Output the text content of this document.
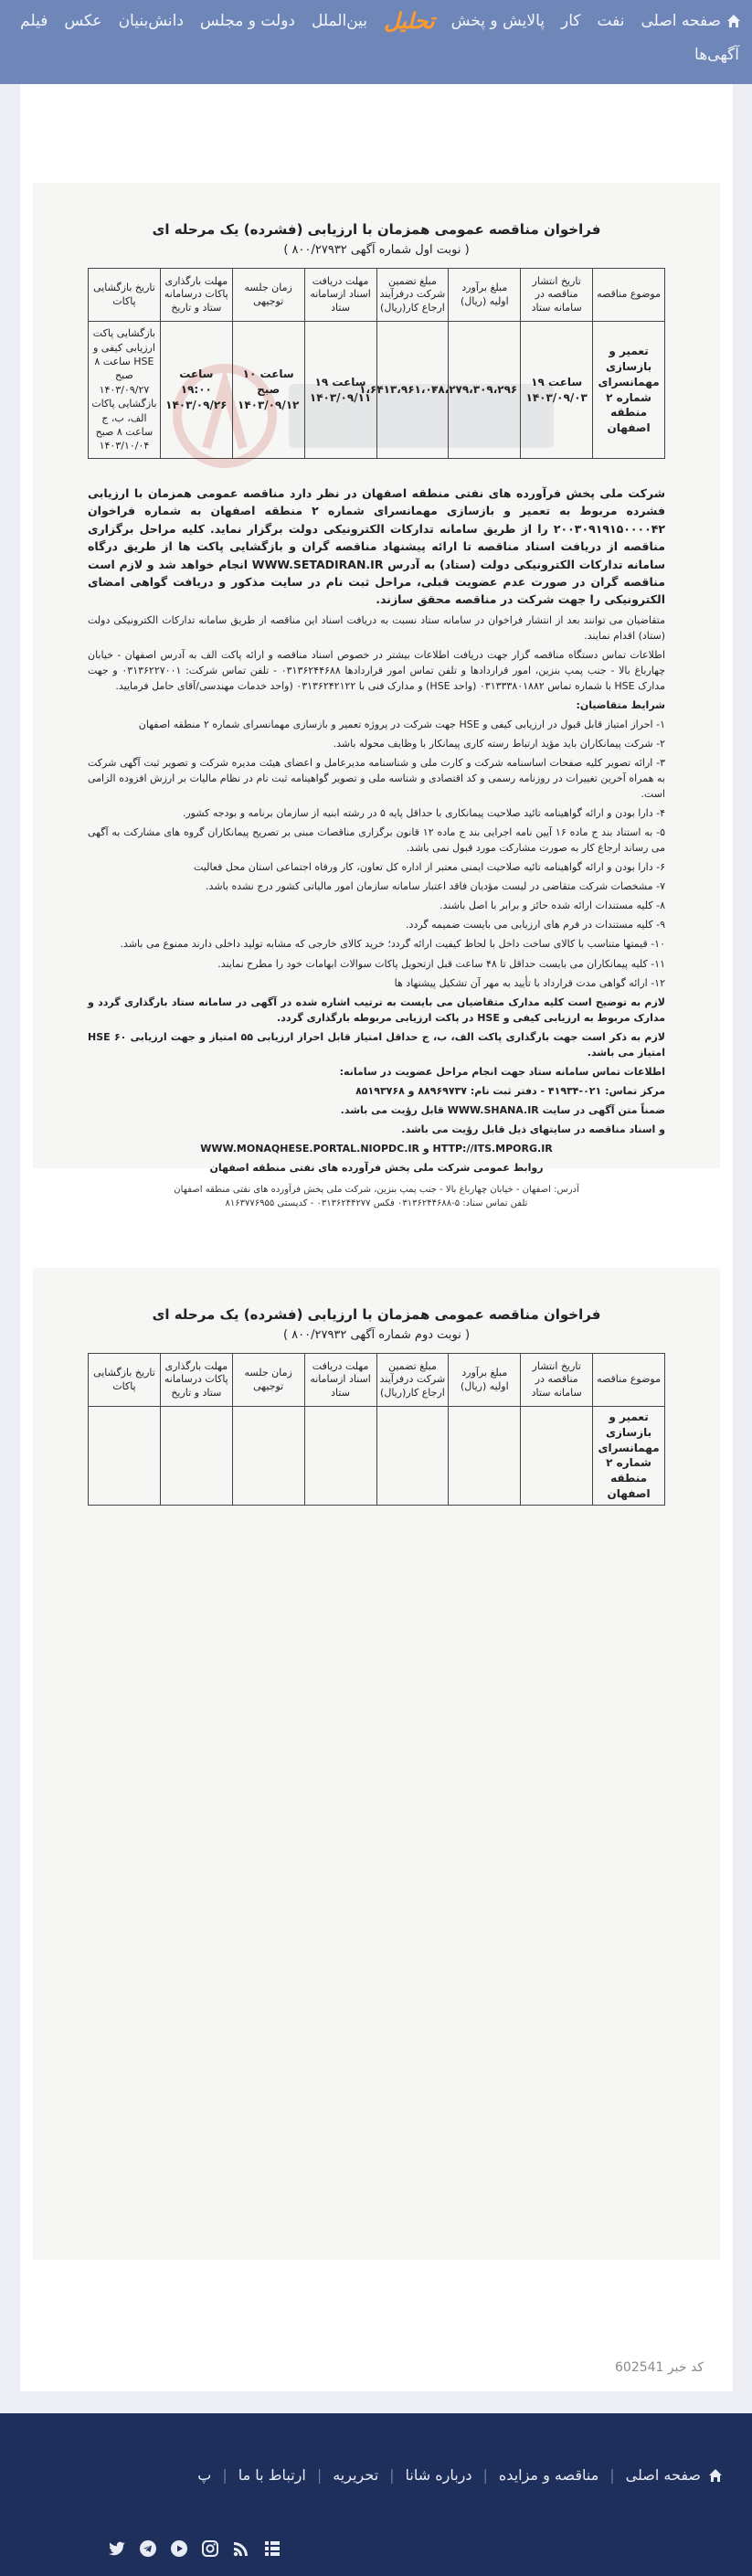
صفحه اصلی
نفت
کار
پالایش و پخش
تحلیل
بین‌الملل
دولت و مجلس
دانش‌بنیان
عکس
فیلم
آگهی‌ها
فراخوان مناقصه عمومی همزمان با ارزیابی (فشرده) یک مرحله ای
( نوبت اول شماره آگهی ۸۰۰/۲۷۹۳۲ )
موضوع مناقصه	تاریخ انتشار مناقصه در سامانه ستاد	مبلغ برآورد اولیه (ریال)	مبلغ تضمین شرکت درفرآیند ارجاع کار(ریال)	مهلت دریافت اسناد ازسامانه ستاد	زمان جلسه توجیهی	مهلت بارگذاری پاکات درسامانه ستاد و تاریخ	تاریخ بازگشایی پاکات
تعمیر و بازسازی مهمانسرای شماره ۲ منطقه اصفهان	ساعت ۱۹ ۱۴۰۳/۰۹/۰۳	۳۸،۲۷۹،۳۰۹،۲۹۶	۱،۶۴۱۳،۹۶۱،۰۰۰	ساعت ۱۹ ۱۴۰۳/۰۹/۱۱	ساعت ۱۰ صبح ۱۴۰۳/۰۹/۱۲	ساعت ۱۹:۰۰ ۱۴۰۳/۰۹/۲۶	بازگشایی پاکت ارزیابی کیفی و HSE ساعت ۸ صبح ۱۴۰۳/۰۹/۲۷ بازگشایی پاکات الف، ب، ج ساعت ۸ صبح ۱۴۰۳/۱۰/۰۴

شرکت ملی پخش فرآورده های نفتی منطقه اصفهان در نظر دارد مناقصه عمومی همزمان با ارزیابی فشرده مربوط به تعمیر و بازسازی مهمانسرای شماره ۲ منطقه اصفهان به شماره فراخوان ۲۰۰۳۰۹۱۹۱۵۰۰۰۰۴۲ را از طریق سامانه تدارکات الکترونیکی دولت برگزار نماید. کلیه مراحل برگزاری مناقصه از دریافت اسناد مناقصه تا ارائه پیشنهاد مناقصه گران و بازگشایی پاکت ها از طریق درگاه سامانه تدارکات الکترونیکی دولت (ستاد) به آدرس WWW.SETADIRAN.IR انجام خواهد شد و لازم است مناقصه گران در صورت عدم عضویت قبلی، مراحل ثبت نام در سایت مذکور و دریافت گواهی امضای الکترونیکی را جهت شرکت در مناقصه محقق سازند.

متقاضیان می توانند بعد از انتشار فراخوان در سامانه ستاد نسبت به دریافت اسناد این مناقصه از طریق سامانه تدارکات الکترونیکی دولت (ستاد) اقدام نمایند.

اطلاعات تماس دستگاه مناقصه گزار جهت دریافت اطلاعات بیشتر در خصوص اسناد مناقصه و ارائه پاکت الف به آدرس اصفهان - خیابان چهارباغ بالا - جنب پمپ بنزین، امور قراردادها و تلفن تماس امور قراردادها ۰۳۱۳۶۲۴۴۶۸۸ - تلفن تماس شرکت: ۰۳۱۳۶۲۲۷۰۰۱ و جهت مدارک HSE با شماره تماس ۰۳۱۳۳۳۸۰۱۸۸۲ (واحد HSE) و مدارک فنی با ۰۳۱۳۶۲۴۲۱۲۲ (واحد خدمات مهندسی/آقای حامل فرمایید.

شرایط متقاضیان:

۱- احراز امتیاز قابل قبول در ارزیابی کیفی و HSE جهت شرکت در پروژه تعمیر و بازسازی مهمانسرای شماره ۲ منطقه اصفهان

۲- شرکت پیمانکاران باید مؤید ارتباط رسته کاری پیمانکار با وظایف محوله باشد.

۳- ارائه تصویر کلیه صفحات اساسنامه شرکت و کارت ملی و شناسنامه مدیرعامل و اعضای هیئت مدیره شرکت و تصویر ثبت آگهی شرکت به همراه آخرین تغییرات در روزنامه رسمی و کد اقتصادی و شناسه ملی و تصویر گواهینامه ثبت نام در نظام مالیات بر ارزش افزوده الزامی است.

۴- دارا بودن و ارائه گواهینامه تائید صلاحیت پیمانکاری با حداقل پایه ۵ در رشته ابنیه از سازمان برنامه و بودجه کشور.

۵- به استناد بند ج ماده ۱۶ آیین نامه اجرایی بند ج ماده ۱۲ قانون برگزاری مناقصات مبنی بر تصریح پیمانکاران گروه های مشارکت به آگهی می رساند ارجاع کار به صورت مشارکت مورد قبول نمی باشد.

۶- دارا بودن و ارائه گواهینامه تائیه صلاحیت ایمنی معتبر از اداره کل تعاون، کار ورفاه اجتماعی استان محل فعالیت

۷- مشخصات شرکت متقاضی در لیست مؤدیان فاقد اعتبار سامانه سازمان امور مالیاتی کشور درج نشده باشد.

۸- کلیه مستندات ارائه شده حائز و برابر با اصل باشند.

۹- کلیه مستندات در فرم های ارزیابی می بایست ضمیمه گردد.

۱۰- قیمتها متناسب با کالای ساخت داخل با لحاظ کیفیت ارائه گردد؛ خرید کالای خارجی که مشابه تولید داخلی دارند ممنوع می باشد.

۱۱- کلیه پیمانکاران می بایست حداقل تا ۴۸ ساعت قبل ازتحویل پاکات سوالات ابهامات خود را مطرح نمایند.

۱۲- ارائه گواهی مدت قرارداد با تأیید به مهر آن تشکیل پیشنهاد ها

لازم به توضیح است کلیه مدارک متقاضیان می بایست به ترتیب اشاره شده در آگهی در سامانه ستاد بارگذاری گردد و مدارک مربوط به ارزیابی کیفی و HSE در پاکت ارزیابی مربوطه بارگذاری گردد.

لازم به ذکر است جهت بارگذاری پاکت الف، ب، ج حداقل امتیاز قابل احراز ارزیابی ۵۵ امتیاز و جهت ارزیابی HSE ۶۰ امتیاز می باشد.

اطلاعات تماس سامانه ستاد جهت انجام مراحل عضویت در سامانه:

مرکز تماس: ۰۲۱-۴۱۹۳۴ - دفتر ثبت نام: ۸۸۹۶۹۷۳۷ و ۸۵۱۹۳۷۶۸

ضمناً متن آگهی در سایت WWW.SHANA.IR قابل رؤیت می باشد.

و اسناد مناقصه در سایتهای ذیل قابل رؤیت می باشد.

HTTP://ITS.MPORG.IR و WWW.MONAQHESE.PORTAL.NIOPDC.IR

روابط عمومی شرکت ملی پخش فرآورده های نفتی منطقه اصفهان

آدرس: اصفهان - خیابان چهارباغ بالا - جنب پمپ بنزین، شرکت ملی پخش فرآورده های نفتی منطقه اصفهان
تلفن تماس ستاد: ۵-۰۳۱۳۶۲۴۴۶۸۸ فکس ۰۳۱۳۶۲۴۴۲۷۷ - کدپستی ۸۱۶۳۷۷۶۹۵۵
فراخوان مناقصه عمومی همزمان با ارزیابی (فشرده) یک مرحله ای
( نوبت دوم شماره آگهی ۸۰۰/۲۷۹۳۲ )
موضوع مناقصه	تاریخ انتشار مناقصه در سامانه ستاد	مبلغ برآورد اولیه (ریال)	مبلغ تضمین شرکت درفرآیند ارجاع کار(ریال)	مهلت دریافت اسناد ازسامانه ستاد	زمان جلسه توجیهی	مهلت بارگذاری پاکات درسامانه ستاد و تاریخ	تاریخ بازگشایی پاکات
تعمیر و بازسازی مهمانسرای شماره ۲ منطقه اصفهان							
کد خبر 602541
صفحه اصلی
|
مناقصه و مزایده
|
درباره شانا
|
تحریریه
|
ارتباط با ما
|
پ
